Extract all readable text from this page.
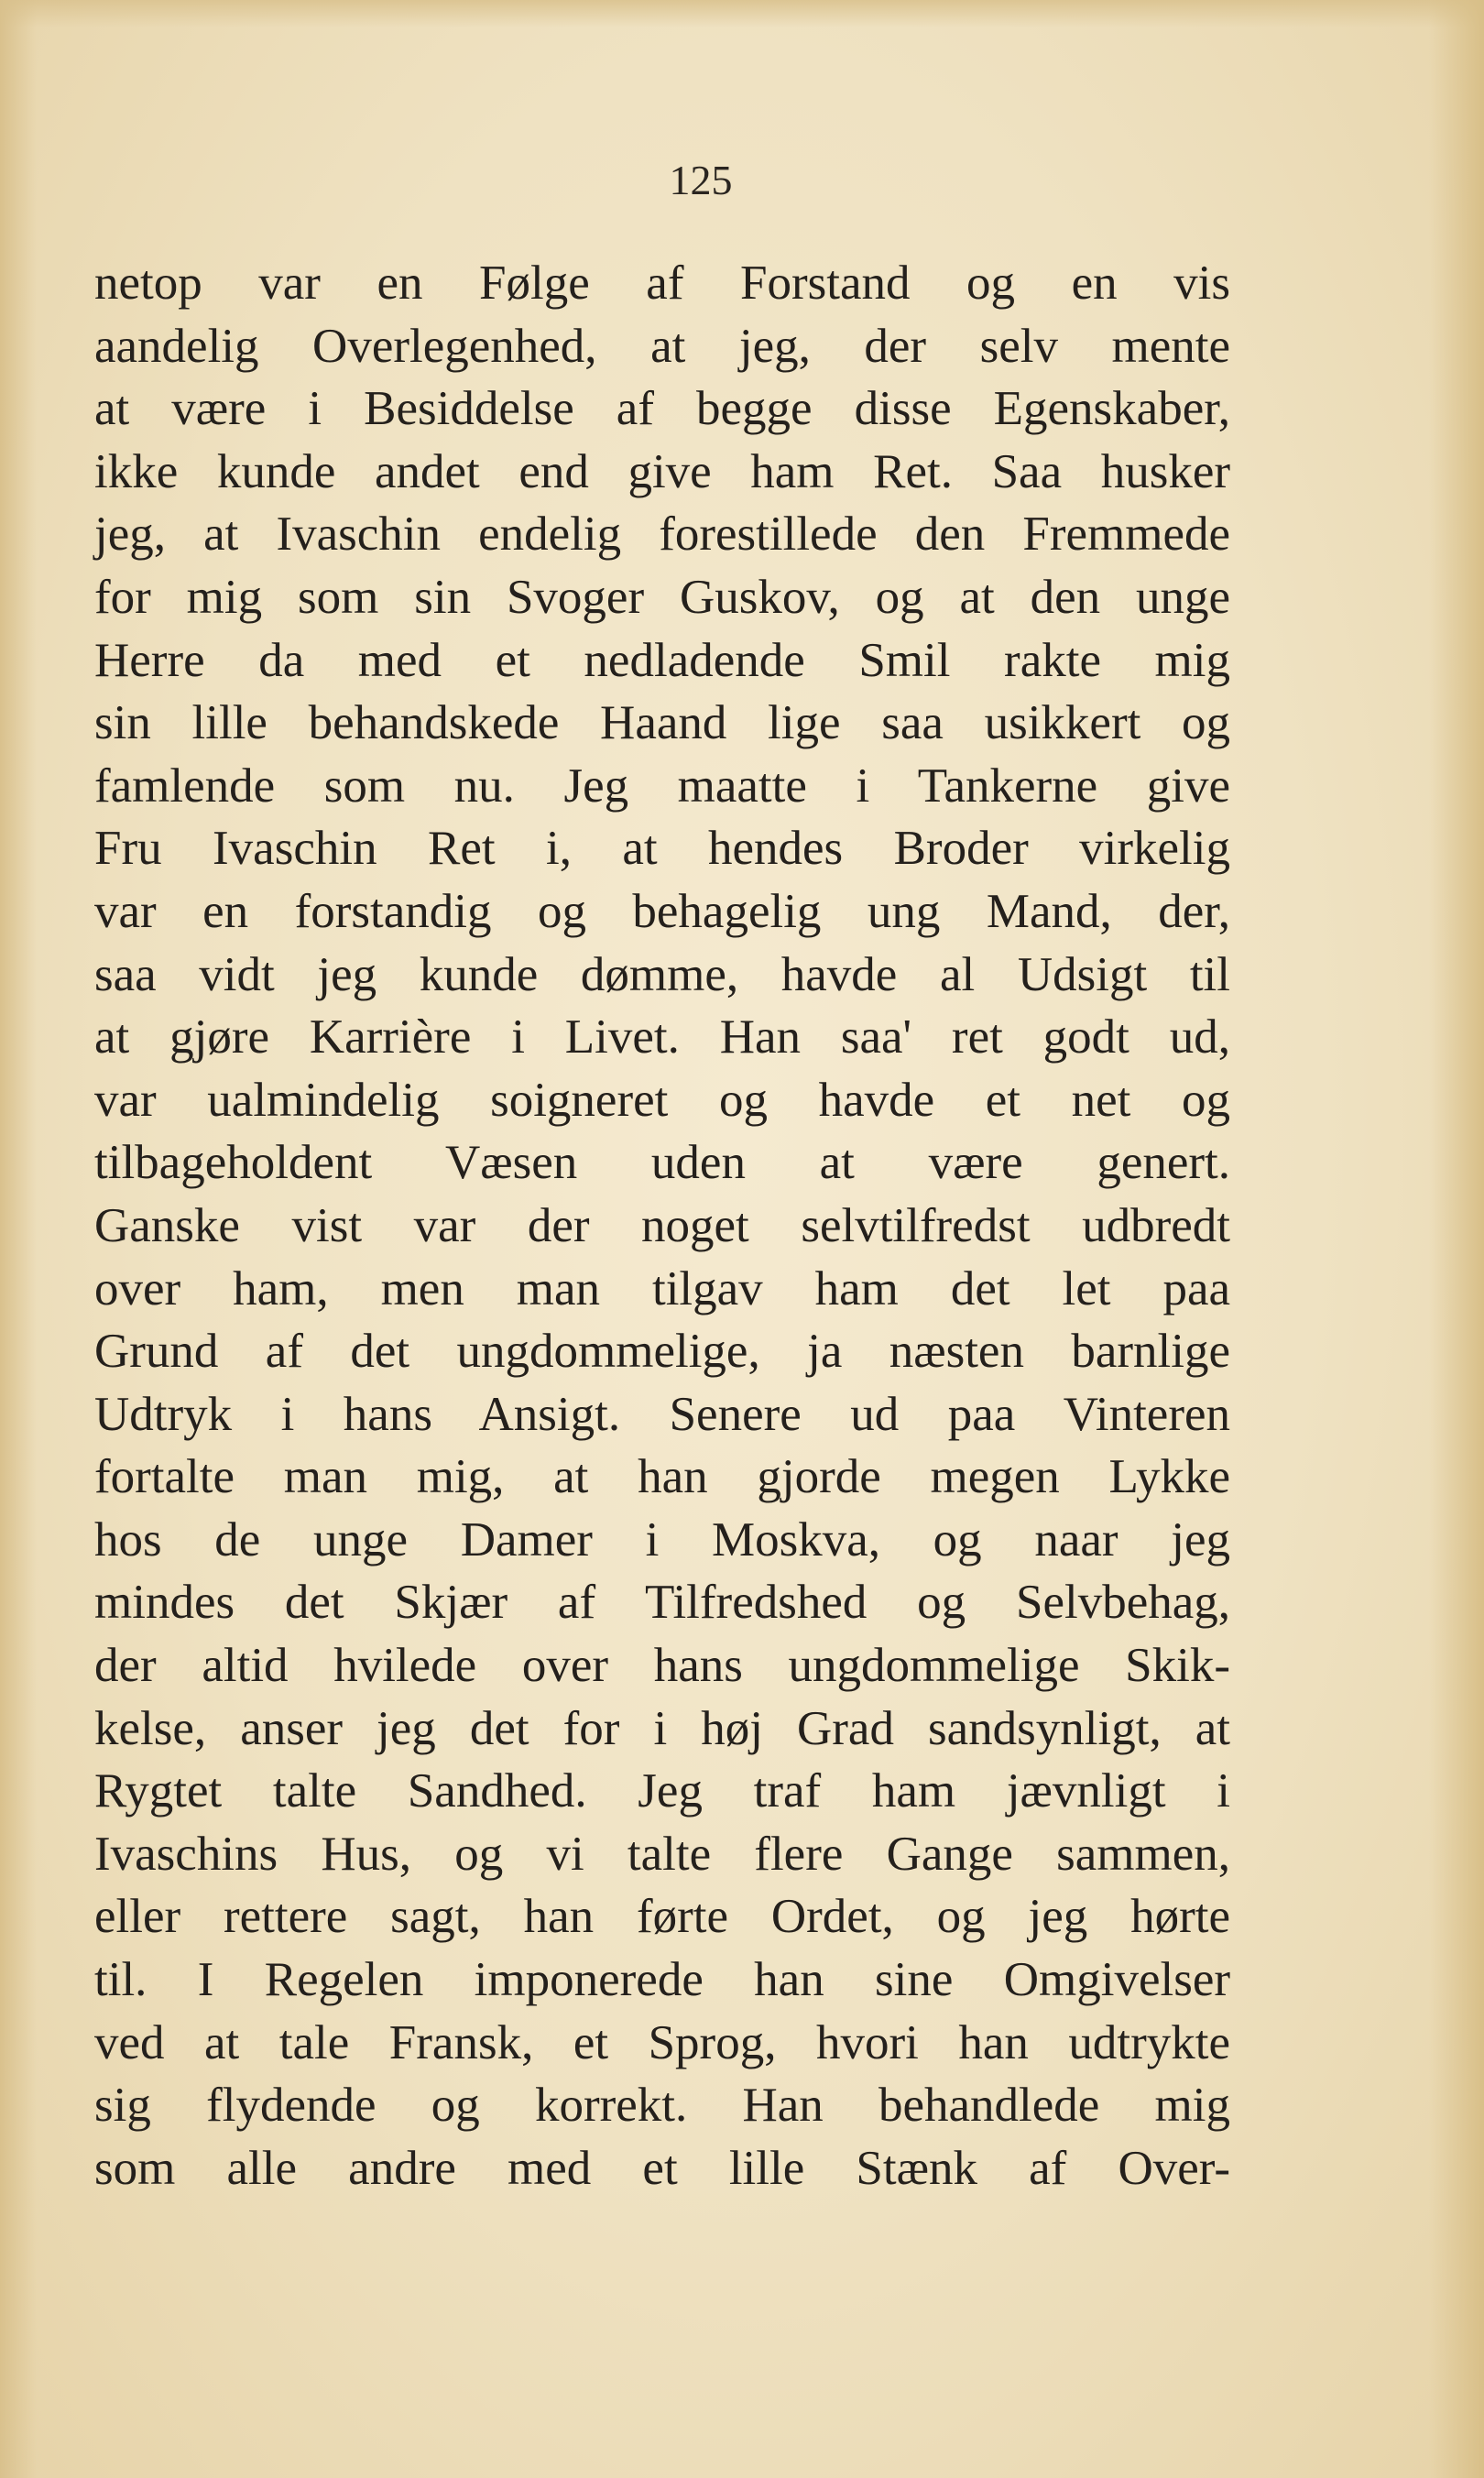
125
netop var en Følge af Forstand og en vis
aandelig Overlegenhed, at jeg, der selv mente
at være i Besiddelse af begge disse Egenskaber,
ikke kunde andet end give ham Ret. Saa husker
jeg, at Ivaschin endelig forestillede den Fremmede
for mig som sin Svoger Guskov, og at den unge
Herre da med et nedladende Smil rakte mig
sin lille behandskede Haand lige saa usikkert og
famlende som nu. Jeg maatte i Tankerne give
Fru Ivaschin Ret i, at hendes Broder virkelig
var en forstandig og behagelig ung Mand, der,
saa vidt jeg kunde dømme, havde al Udsigt til
at gjøre Karrière i Livet. Han saa' ret godt ud,
var ualmindelig soigneret og havde et net og
tilbageholdent Væsen uden at være genert.
Ganske vist var der noget selvtilfredst udbredt
over ham, men man tilgav ham det let paa
Grund af det ungdommelige, ja næsten barnlige
Udtryk i hans Ansigt. Senere ud paa Vinteren
fortalte man mig, at han gjorde megen Lykke
hos de unge Damer i Moskva, og naar jeg
mindes det Skjær af Tilfredshed og Selvbehag,
der altid hvilede over hans ungdommelige Skik-
kelse, anser jeg det for i høj Grad sandsynligt, at
Rygtet talte Sandhed. Jeg traf ham jævnligt i
Ivaschins Hus, og vi talte flere Gange sammen,
eller rettere sagt, han førte Ordet, og jeg hørte
til. I Regelen imponerede han sine Omgivelser
ved at tale Fransk, et Sprog, hvori han udtrykte
sig flydende og korrekt. Han behandlede mig
som alle andre med et lille Stænk af Over-
